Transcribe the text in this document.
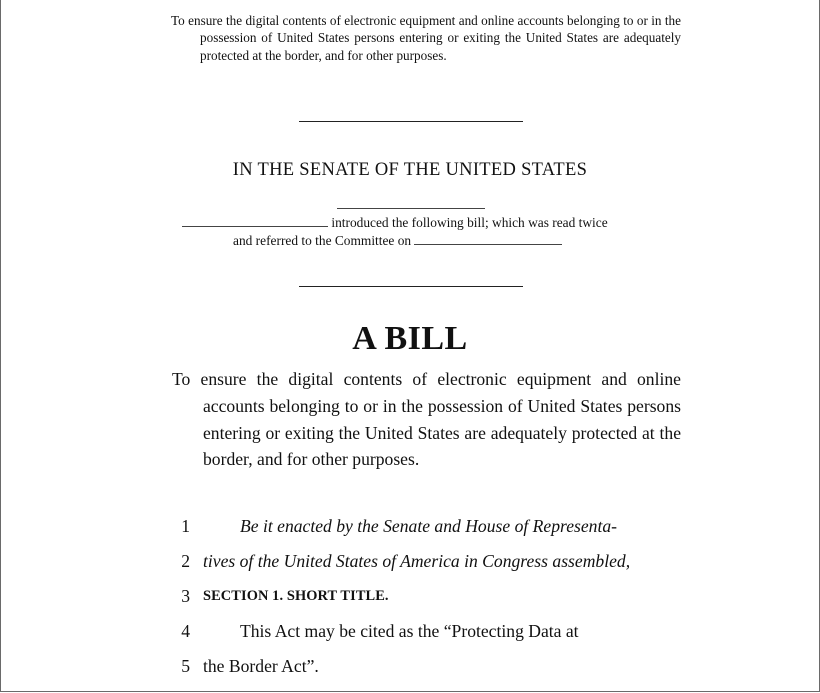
To ensure the digital contents of electronic equipment and online accounts belonging to or in the possession of United States persons entering or exiting the United States are adequately protected at the border, and for other purposes.
IN THE SENATE OF THE UNITED STATES
introduced the following bill; which was read twice
and referred to the Committee on
A BILL
To ensure the digital contents of electronic equipment and online accounts belonging to or in the possession of United States persons entering or exiting the United States are adequately protected at the border, and for other purposes.
1	Be it enacted by the Senate and House of Representa-
2 tives of the United States of America in Congress assembled,
3 SECTION 1. SHORT TITLE.
4	This Act may be cited as the “Protecting Data at
5 the Border Act”.
